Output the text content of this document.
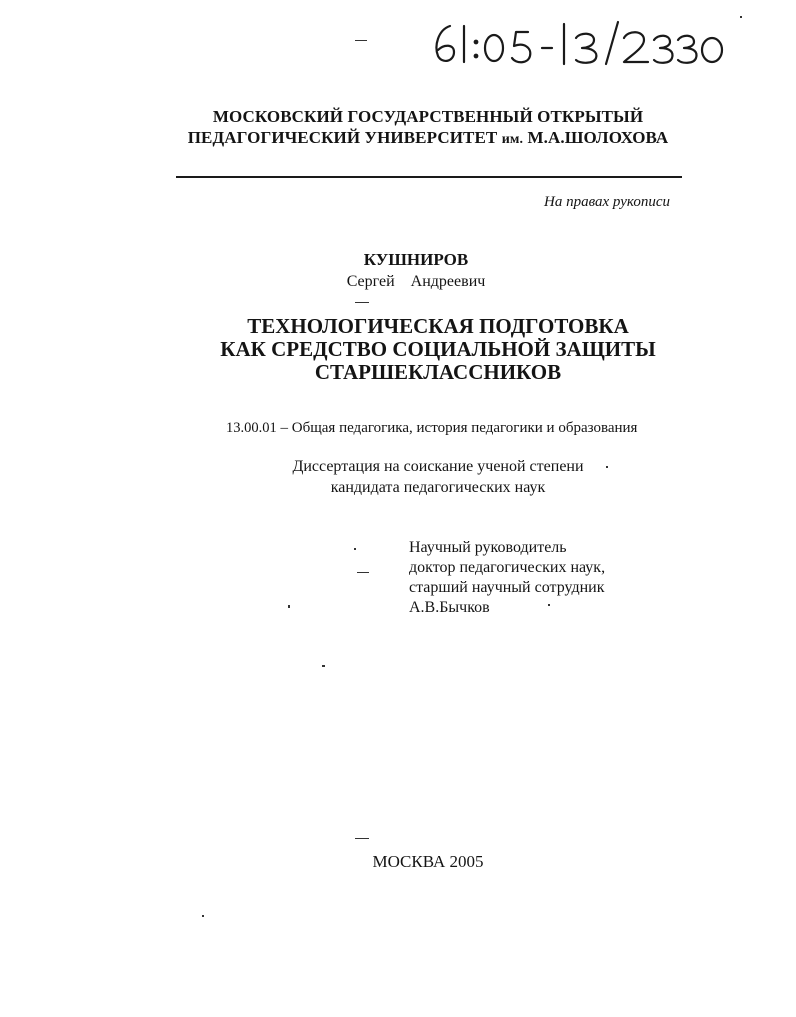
МОСКОВСКИЙ ГОСУДАРСТВЕННЫЙ ОТКРЫТЫЙ
ПЕДАГОГИЧЕСКИЙ УНИВЕРСИТЕТ им. М.А.ШОЛОХОВА
На правах рукописи
КУШНИРОВ
Сергей  Андреевич
ТЕХНОЛОГИЧЕСКАЯ ПОДГОТОВКА
КАК СРЕДСТВО СОЦИАЛЬНОЙ ЗАЩИТЫ
СТАРШЕКЛАССНИКОВ
13.00.01 – Общая педагогика, история педагогики и образования
Диссертация на соискание ученой степени
кандидата педагогических наук
Научный руководитель
доктор педагогических наук,
старший научный сотрудник
А.В.Бычков
МОСКВА 2005
